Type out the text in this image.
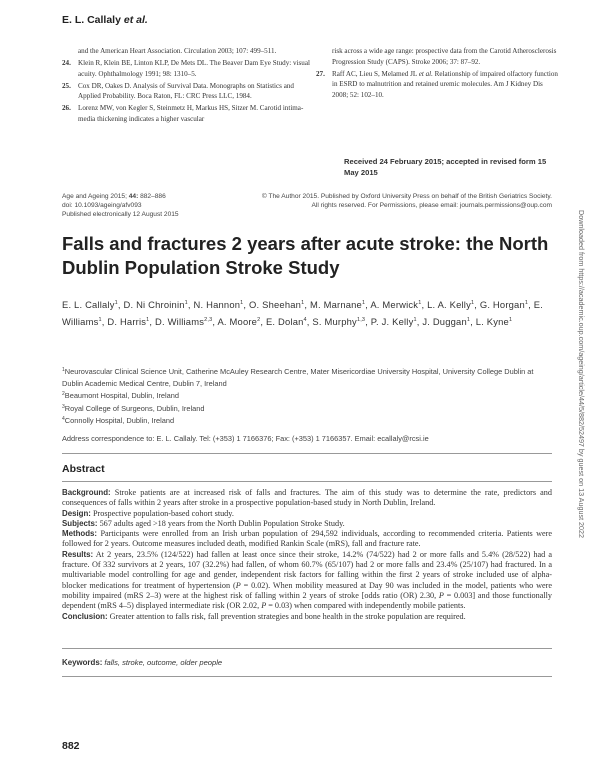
E. L. Callaly et al.
and the American Heart Association. Circulation 2003; 107: 499–511.
24.	Klein R, Klein BE, Linton KLP, De Mets DL. The Beaver Dam Eye Study: visual acuity. Ophthalmology 1991; 98: 1310–5.
25.	Cox DR, Oakes D. Analysis of Survival Data. Monographs on Statistics and Applied Probability. Boca Raton, FL: CRC Press LLC, 1984.
26.	Lorenz MW, von Kegler S, Steinmetz H, Markus HS, Sitzer M. Carotid intima-media thickening indicates a higher vascular
risk across a wide age range: prospective data from the Carotid Atherosclerosis Progression Study (CAPS). Stroke 2006; 37: 87–92.
27.	Raff AC, Lieu S, Melamed JL et al. Relationship of impaired olfactory function in ESRD to malnutrition and retained uremic molecules. Am J Kidney Dis 2008; 52: 102–10.
Received 24 February 2015; accepted in revised form 15 May 2015
Age and Ageing 2015; 44: 882–886
doi: 10.1093/ageing/afv093
Published electronically 12 August 2015
© The Author 2015. Published by Oxford University Press on behalf of the British Geriatrics Society.
All rights reserved. For Permissions, please email: journals.permissions@oup.com
Falls and fractures 2 years after acute stroke: the North Dublin Population Stroke Study
E. L. Callaly$^1$, D. Ni Chroinin$^1$, N. Hannon$^1$, O. Sheehan$^1$, M. Marnane$^1$, A. Merwick$^1$, L. A. Kelly$^1$, G. Horgan$^1$, E. Williams$^1$, D. Harris$^1$, D. Williams$^{2,3}$, A. Moore$^2$, E. Dolan$^4$, S. Murphy$^{1,3}$, P. J. Kelly$^1$, J. Duggan$^1$, L. Kyne$^1$
$^1$Neurovascular Clinical Science Unit, Catherine McAuley Research Centre, Mater Misericordiae University Hospital, University College Dublin at Dublin Academic Medical Centre, Dublin 7, Ireland
$^2$Beaumont Hospital, Dublin, Ireland
$^3$Royal College of Surgeons, Dublin, Ireland
$^4$Connolly Hospital, Dublin, Ireland
Address correspondence to: E. L. Callaly. Tel: (+353) 1 7166376; Fax: (+353) 1 7166357. Email: ecallaly@rcsi.ie
Abstract

Background: Stroke patients are at increased risk of falls and fractures. The aim of this study was to determine the rate, predictors and consequences of falls within 2 years after stroke in a prospective population-based study in North Dublin, Ireland.

Design: Prospective population-based cohort study.

Subjects: 567 adults aged >18 years from the North Dublin Population Stroke Study.

Methods: Participants were enrolled from an Irish urban population of 294,592 individuals, according to recommended criteria. Patients were followed for 2 years. Outcome measures included death, modified Rankin Scale (mRS), fall and fracture rate.

Results: At 2 years, 23.5% (124/522) had fallen at least once since their stroke, 14.2% (74/522) had 2 or more falls and 5.4% (28/522) had a fracture. Of 332 survivors at 2 years, 107 (32.2%) had fallen, of whom 60.7% (65/107) had 2 or more falls and 23.4% (25/107) had fractured. In a multivariable model controlling for age and gender, independent risk factors for falling within the first 2 years of stroke included use of alpha-blocker medications for treatment of hypertension (P = 0.02). When mobility measured at Day 90 was included in the model, patients who were mobility impaired (mRS 2–3) were at the highest risk of falling within 2 years of stroke [odds ratio (OR) 2.30, P = 0.003] and those functionally dependent (mRS 4–5) displayed intermediate risk (OR 2.02, P = 0.03) when compared with independently mobile patients.

Conclusion: Greater attention to falls risk, fall prevention strategies and bone health in the stroke population are required.

Keywords: falls, stroke, outcome, older people
882
Downloaded from https://academic.oup.com/ageing/article/44/5/882/52497 by guest on 13 August 2022
